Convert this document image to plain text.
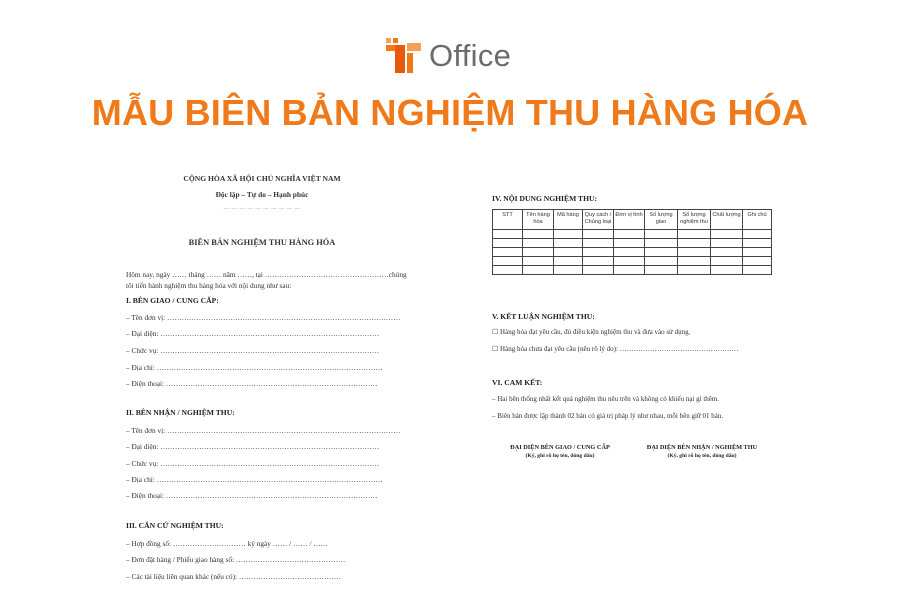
Office
MẪU BIÊN BẢN NGHIỆM THU HÀNG HÓA
CỘNG HÒA XÃ HỘI CHỦ NGHĨA VIỆT NAM
Độc lập – Tự do – Hạnh phúc
— — — — — — — — — —
BIÊN BẢN NGHIỆM THU HÀNG HÓA
Hôm nay, ngày …… tháng …… năm ……, tại ……………………………………………chúng
tôi tiến hành nghiệm thu hàng hóa với nội dung như sau:
I. BÊN GIAO / CUNG CẤP:
– Tên đơn vị: ……………………………………………………………………………………
– Đại diện: ………………………………………………………………………………
– Chức vụ: ………………………………………………………………………………
– Địa chỉ: …………………………………………………………………………………
– Điện thoại: ……………………………………………………………………………
II. BÊN NHẬN / NGHIỆM THU:
– Tên đơn vị: ……………………………………………………………………………………
– Đại diện: ………………………………………………………………………………
– Chức vụ: ………………………………………………………………………………
– Địa chỉ: …………………………………………………………………………………
– Điện thoại: ……………………………………………………………………………
III. CĂN CỨ NGHIỆM THU:
– Hợp đồng số: ………………………… ký ngày …… / …… / ……
– Đơn đặt hàng / Phiếu giao hàng số: ………………………………………
– Các tài liệu liên quan khác (nếu có): ……………………………………
IV. NỘI DUNG NGHIỆM THU:
STT	Tên hàng hóa	Mã hàng	Quy cách / Chủng loại	Đơn vị tính	Số lượng giao	Số lượng nghiệm thu	Chất lượng	Ghi chú

V. KẾT LUẬN NGHIỆM THU:
☐ Hàng hóa đạt yêu cầu, đủ điều kiện nghiệm thu và đưa vào sử dụng.
☐ Hàng hóa chưa đạt yêu cầu (nêu rõ lý do): ……………………………………………
VI. CAM KẾT:
– Hai bên thống nhất kết quả nghiệm thu nêu trên và không có khiếu nại gì thêm.
– Biên bản được lập thành 02 bản có giá trị pháp lý như nhau, mỗi bên giữ 01 bản.
ĐẠI DIỆN BÊN GIAO / CUNG CẤP
(Ký, ghi rõ họ tên, đóng dấu)
ĐẠI DIỆN BÊN NHẬN / NGHIỆM THU
(Ký, ghi rõ họ tên, đóng dấu)
